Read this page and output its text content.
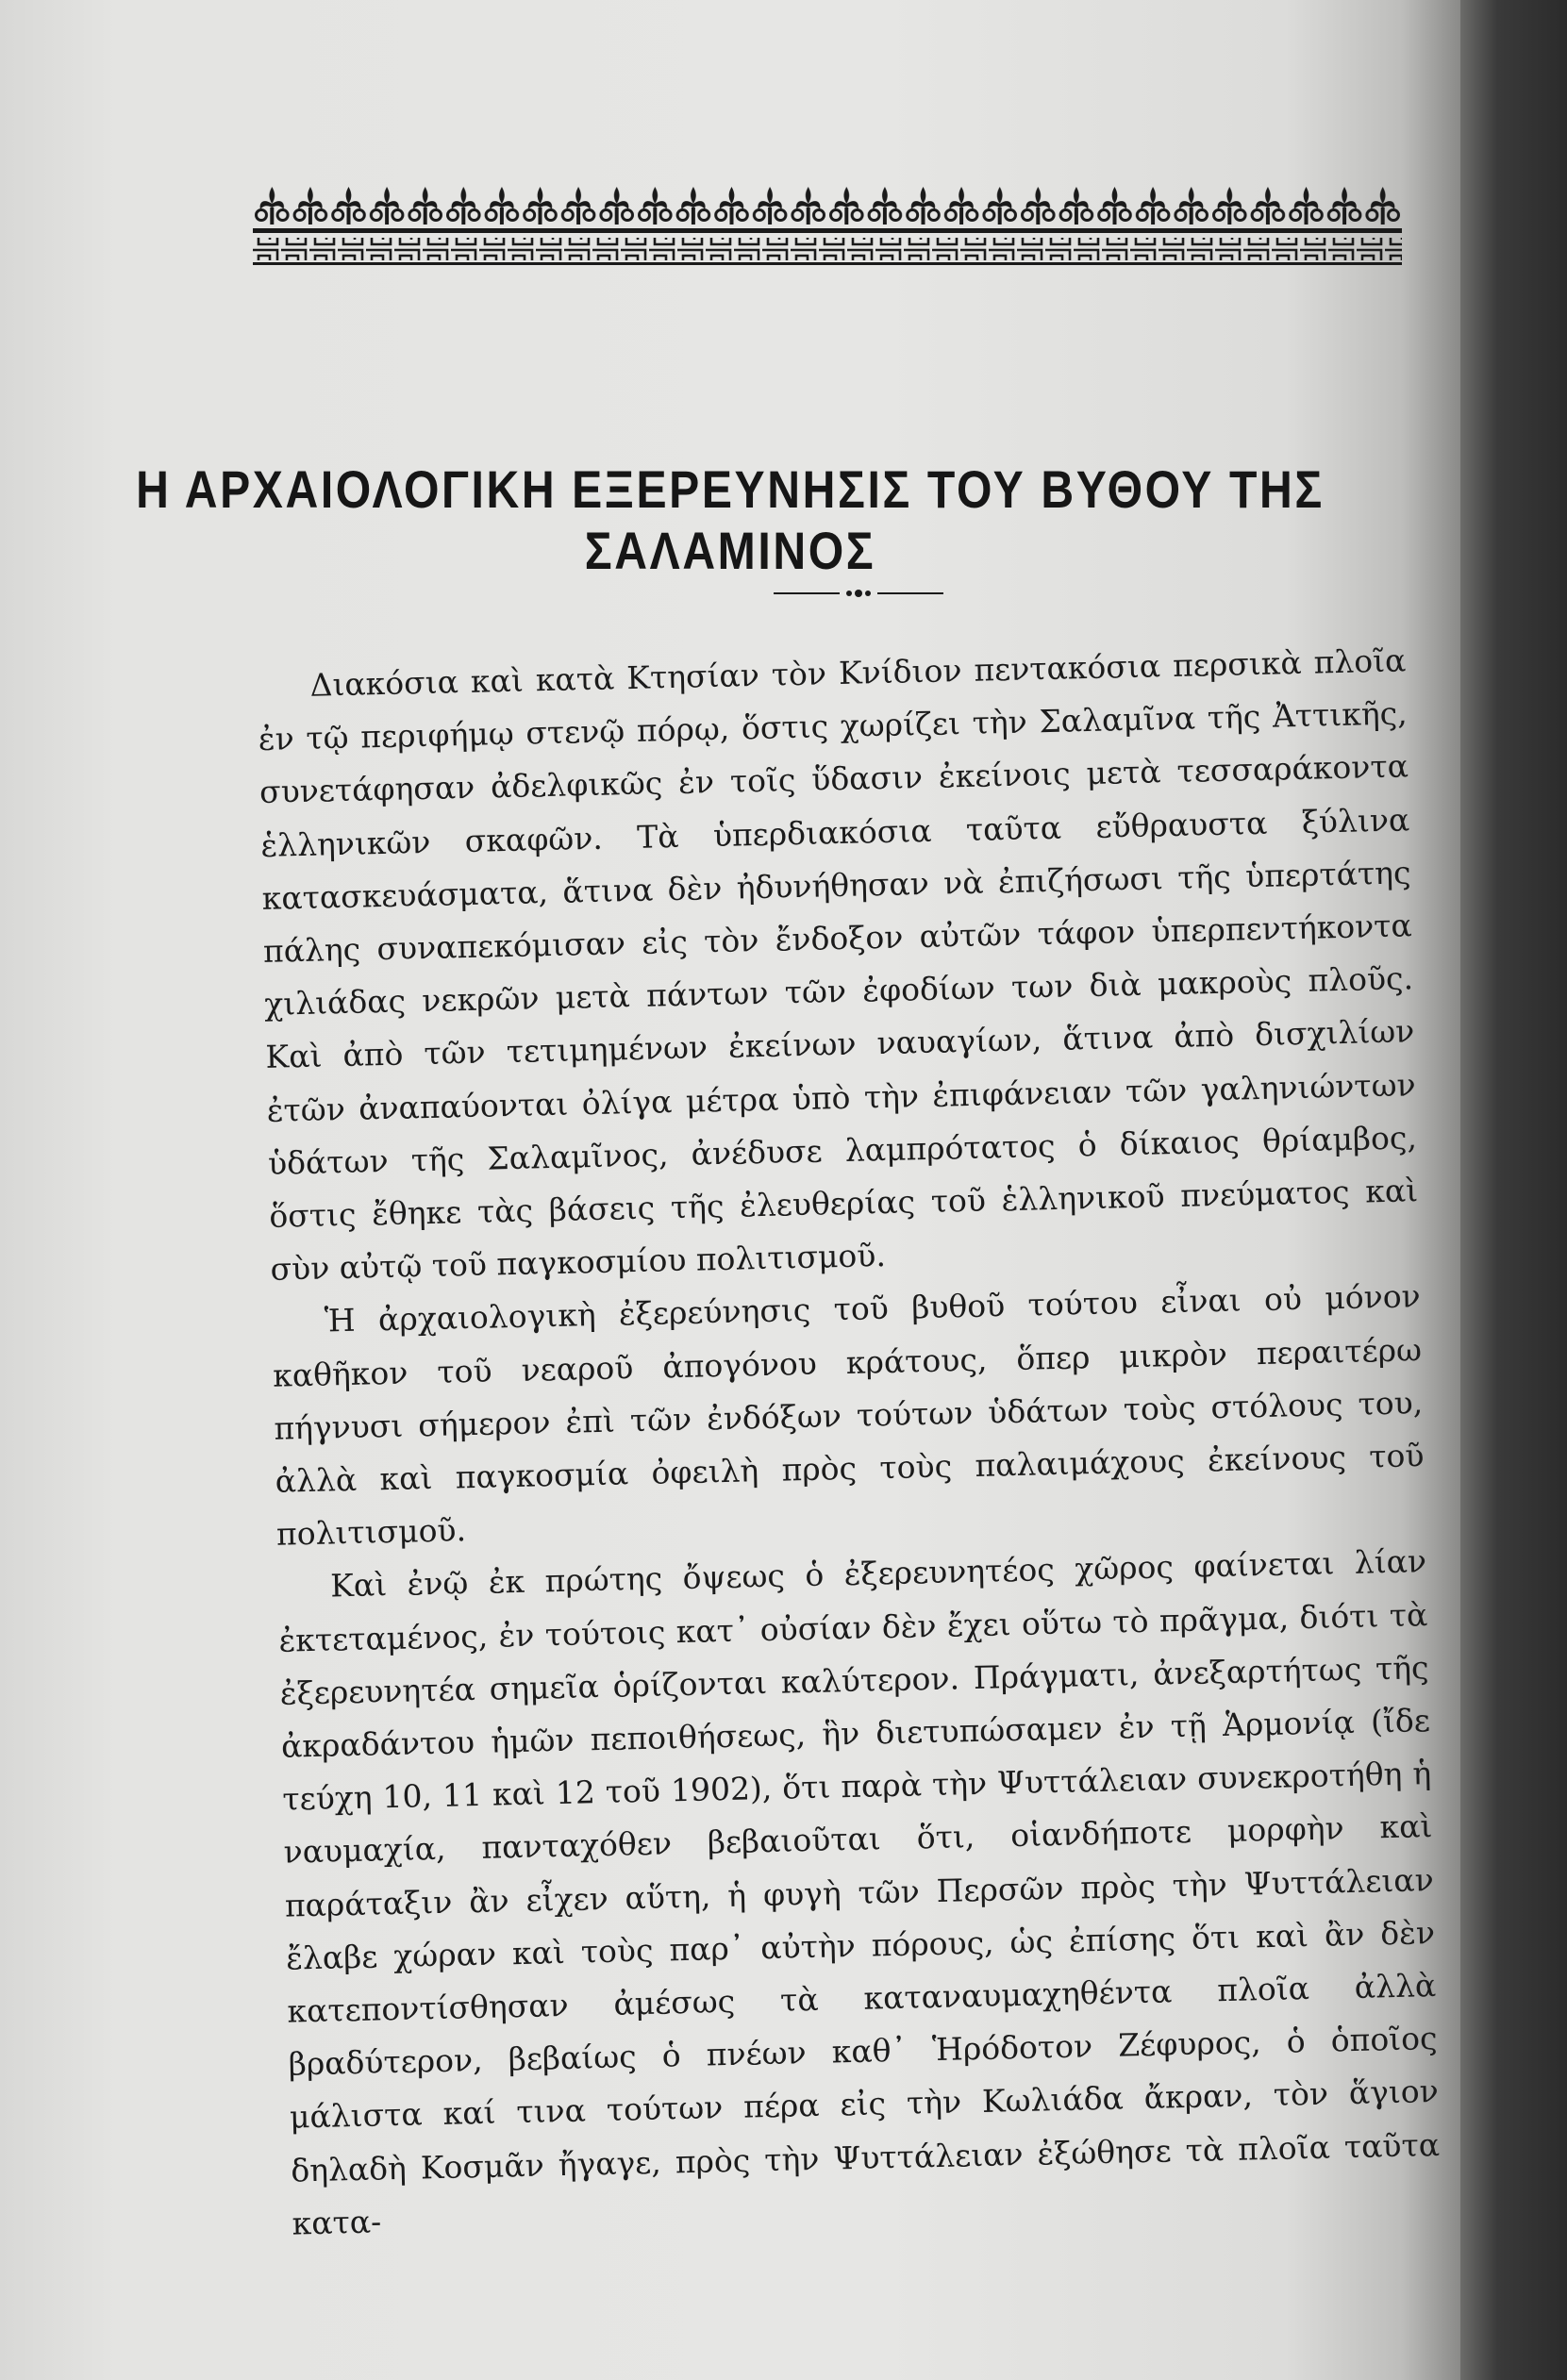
Η ΑΡΧΑΙΟΛΟΓΙΚΗ ΕΞΕΡΕΥΝΗΣΙΣ ΤΟΥ ΒΥΘΟΥ ΤΗΣ ΣΑΛΑΜΙΝΟΣ

Διακόσια καὶ κατὰ Κτησίαν τὸν Κνίδιον πεντακόσια περσικὰ πλοῖα ἐν τῷ περιφήμῳ στενῷ πόρῳ, ὅστις χωρίζει τὴν Σαλαμῖνα τῆς Ἀττικῆς, συνετάφησαν ἀδελφικῶς ἐν τοῖς ὕδασιν ἐκείνοις μετὰ τεσσαράκοντα ἑλληνικῶν σκαφῶν. Τὰ ὑπερδιακόσια ταῦτα εὔθραυστα ξύλινα κατασκευάσματα, ἅτινα δὲν ἠδυνήθησαν νὰ ἐπιζήσωσι τῆς ὑπερτάτης πάλης συναπεκόμισαν εἰς τὸν ἔνδοξον αὐτῶν τάφον ὑπερπεντήκοντα χιλιάδας νεκρῶν μετὰ πάντων τῶν ἐφοδίων των διὰ μακροὺς πλοῦς. Καὶ ἀπὸ τῶν τετιμημένων ἐκείνων ναυαγίων, ἅτινα ἀπὸ δισχιλίων ἐτῶν ἀναπαύονται ὀλίγα μέτρα ὑπὸ τὴν ἐπιφάνειαν τῶν γαληνιώντων ὑδάτων τῆς Σαλαμῖνος, ἀνέδυσε λαμπρότατος ὁ δίκαιος θρίαμβος, ὅστις ἔθηκε τὰς βάσεις τῆς ἐλευθερίας τοῦ ἑλληνικοῦ πνεύματος καὶ σὺν αὐτῷ τοῦ παγκοσμίου πολιτισμοῦ.

Ἡ ἀρχαιολογικὴ ἐξερεύνησις τοῦ βυθοῦ τούτου εἶναι οὐ μόνον καθῆκον τοῦ νεαροῦ ἀπογόνου κράτους, ὅπερ μικρὸν περαιτέρω πήγνυσι σήμερον ἐπὶ τῶν ἐνδόξων τούτων ὑδάτων τοὺς στόλους του, ἀλλὰ καὶ παγκοσμία ὀφειλὴ πρὸς τοὺς παλαιμάχους ἐκείνους τοῦ πολιτισμοῦ.

Καὶ ἐνῷ ἐκ πρώτης ὄψεως ὁ ἐξερευνητέος χῶρος φαίνεται λίαν ἐκτεταμένος, ἐν τούτοις κατ᾽ οὐσίαν δὲν ἔχει οὕτω τὸ πρᾶγμα, διότι τὰ ἐξερευνητέα σημεῖα ὁρίζονται καλύτερον. Πράγματι, ἀνεξαρτήτως τῆς ἀκραδάντου ἡμῶν πεποιθήσεως, ἣν διετυπώσαμεν ἐν τῇ Ἁρμονίᾳ (ἴδε τεύχη 10, 11 καὶ 12 τοῦ 1902), ὅτι παρὰ τὴν Ψυττάλειαν συνεκροτήθη ἡ ναυμαχία, πανταχόθεν βεβαιοῦται ὅτι, οἱανδήποτε μορφὴν καὶ παράταξιν ἂν εἶχεν αὕτη, ἡ φυγὴ τῶν Περσῶν πρὸς τὴν Ψυττάλειαν ἔλαβε χώραν καὶ τοὺς παρ᾽ αὐτὴν πόρους, ὡς ἐπίσης ὅτι καὶ ἂν δὲν κατεποντίσθησαν ἀμέσως τὰ καταναυμαχηθέντα πλοῖα ἀλλὰ βραδύτερον, βεβαίως ὁ πνέων καθ᾽ Ἡρόδοτον Ζέφυρος, ὁ ὁποῖος μάλιστα καί τινα τούτων πέρα εἰς τὴν Κωλιάδα ἄκραν, τὸν ἅγιον δηλαδὴ Κοσμᾶν ἤγαγε, πρὸς τὴν Ψυττάλειαν ἐξώθησε τὰ πλοῖα ταῦτα κατα-
